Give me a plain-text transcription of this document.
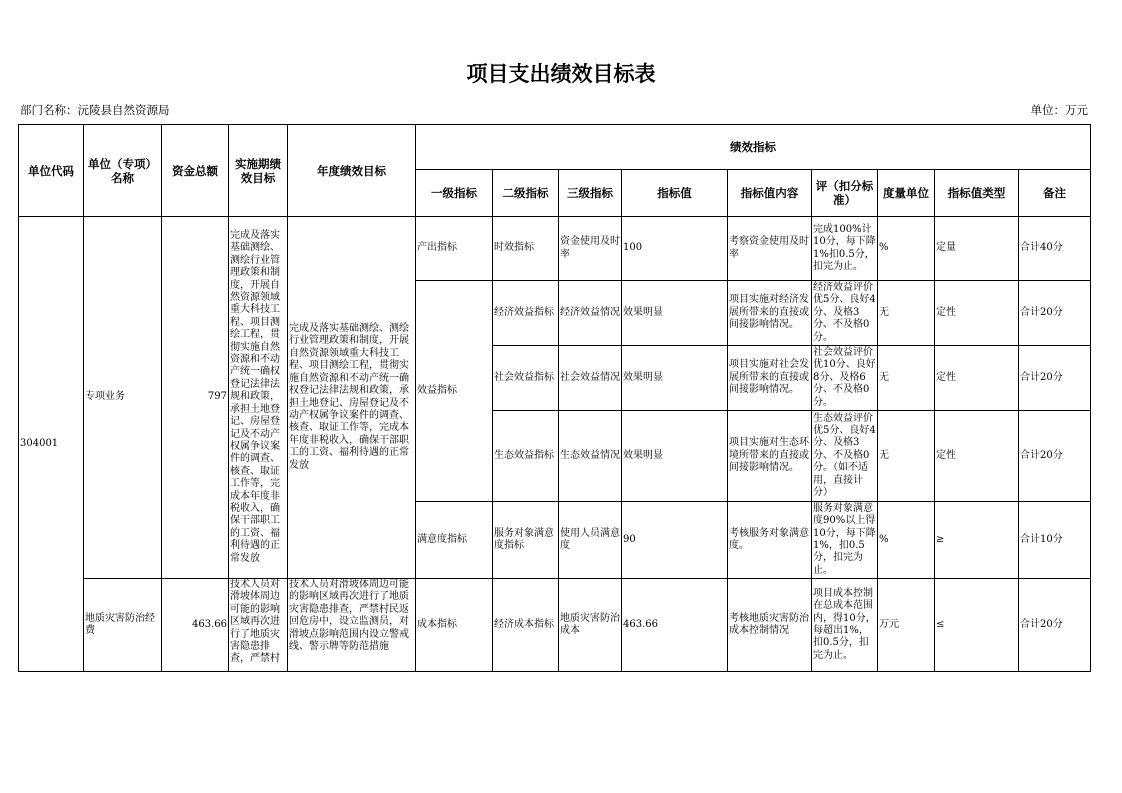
项目支出绩效目标表
部门名称：沅陵县自然资源局	单位：万元
单位代码	单位（专项）名称	资金总额	实施期绩效目标	年度绩效目标	绩效指标								
					一级指标	二级指标	三级指标	指标值	指标值内容	评（扣分标准）	度量单位	指标值类型	备注
304001	专项业务	797	完成及落实基础测绘、测绘行业管理政策和制度，开展自然资源领域重大科技工程、项目测绘工程，贯彻实施自然资源和不动产统一确权登记法律法规和政策，承担土地登记、房屋登记及不动产权属争议案件的调查、核查、取证工作等，完成本年度非税收入，确保干部职工的工资、福利待遇的正常发放	完成及落实基础测绘、测绘行业管理政策和制度，开展自然资源领域重大科技工程、项目测绘工程，贯彻实施自然资源和不动产统一确权登记法律法规和政策，承担土地登记、房屋登记及不动产权属争议案件的调查、核查、取证工作等，完成本年度非税收入，确保干部职工的工资、福利待遇的正常发放	产出指标	时效指标	资金使用及时率	100	考察资金使用及时率	完成100%计10分，每下降1%扣0.5分，扣完为止。	%	定量	合计40分
					效益指标	经济效益指标	经济效益情况	效果明显	项目实施对经济发展所带来的直接或间接影响情况。	经济效益评价优5分、良好4分、及格3分、不及格0分。	无	定性	合计20分
						社会效益指标	社会效益情况	效果明显	项目实施对社会发展所带来的直接或间接影响情况。	社会效益评价优10分、良好8分、及格6分、不及格0分。	无	定性	合计20分
						生态效益指标	生态效益情况	效果明显	项目实施对生态环境所带来的直接或间接影响情况。	生态效益评价优5分、良好4分、及格3分、不及格0分。（如不适用，直接计分）	无	定性	合计20分
					满意度指标	服务对象满意度指标	使用人员满意度	90	考核服务对象满意度。	服务对象满意度90%以上得10分，每下降1%，扣0.5分，扣完为止。	%	≥	合计10分
	地质灾害防治经费	463.66	技术人员对滑坡体周边可能的影响区域再次进行了地质灾害隐患排查，严禁村	技术人员对滑坡体周边可能的影响区域再次进行了地质灾害隐患排查，严禁村民返回危房中，设立监测员，对滑坡点影响范围内设立警戒线、警示牌等防范措施	成本指标	经济成本指标	地质灾害防治成本	463.66	考核地质灾害防治成本控制情况	项目成本控制在总成本范围内，得10分，每超出1%，扣0.5分，扣完为止。	万元	≤	合计20分
